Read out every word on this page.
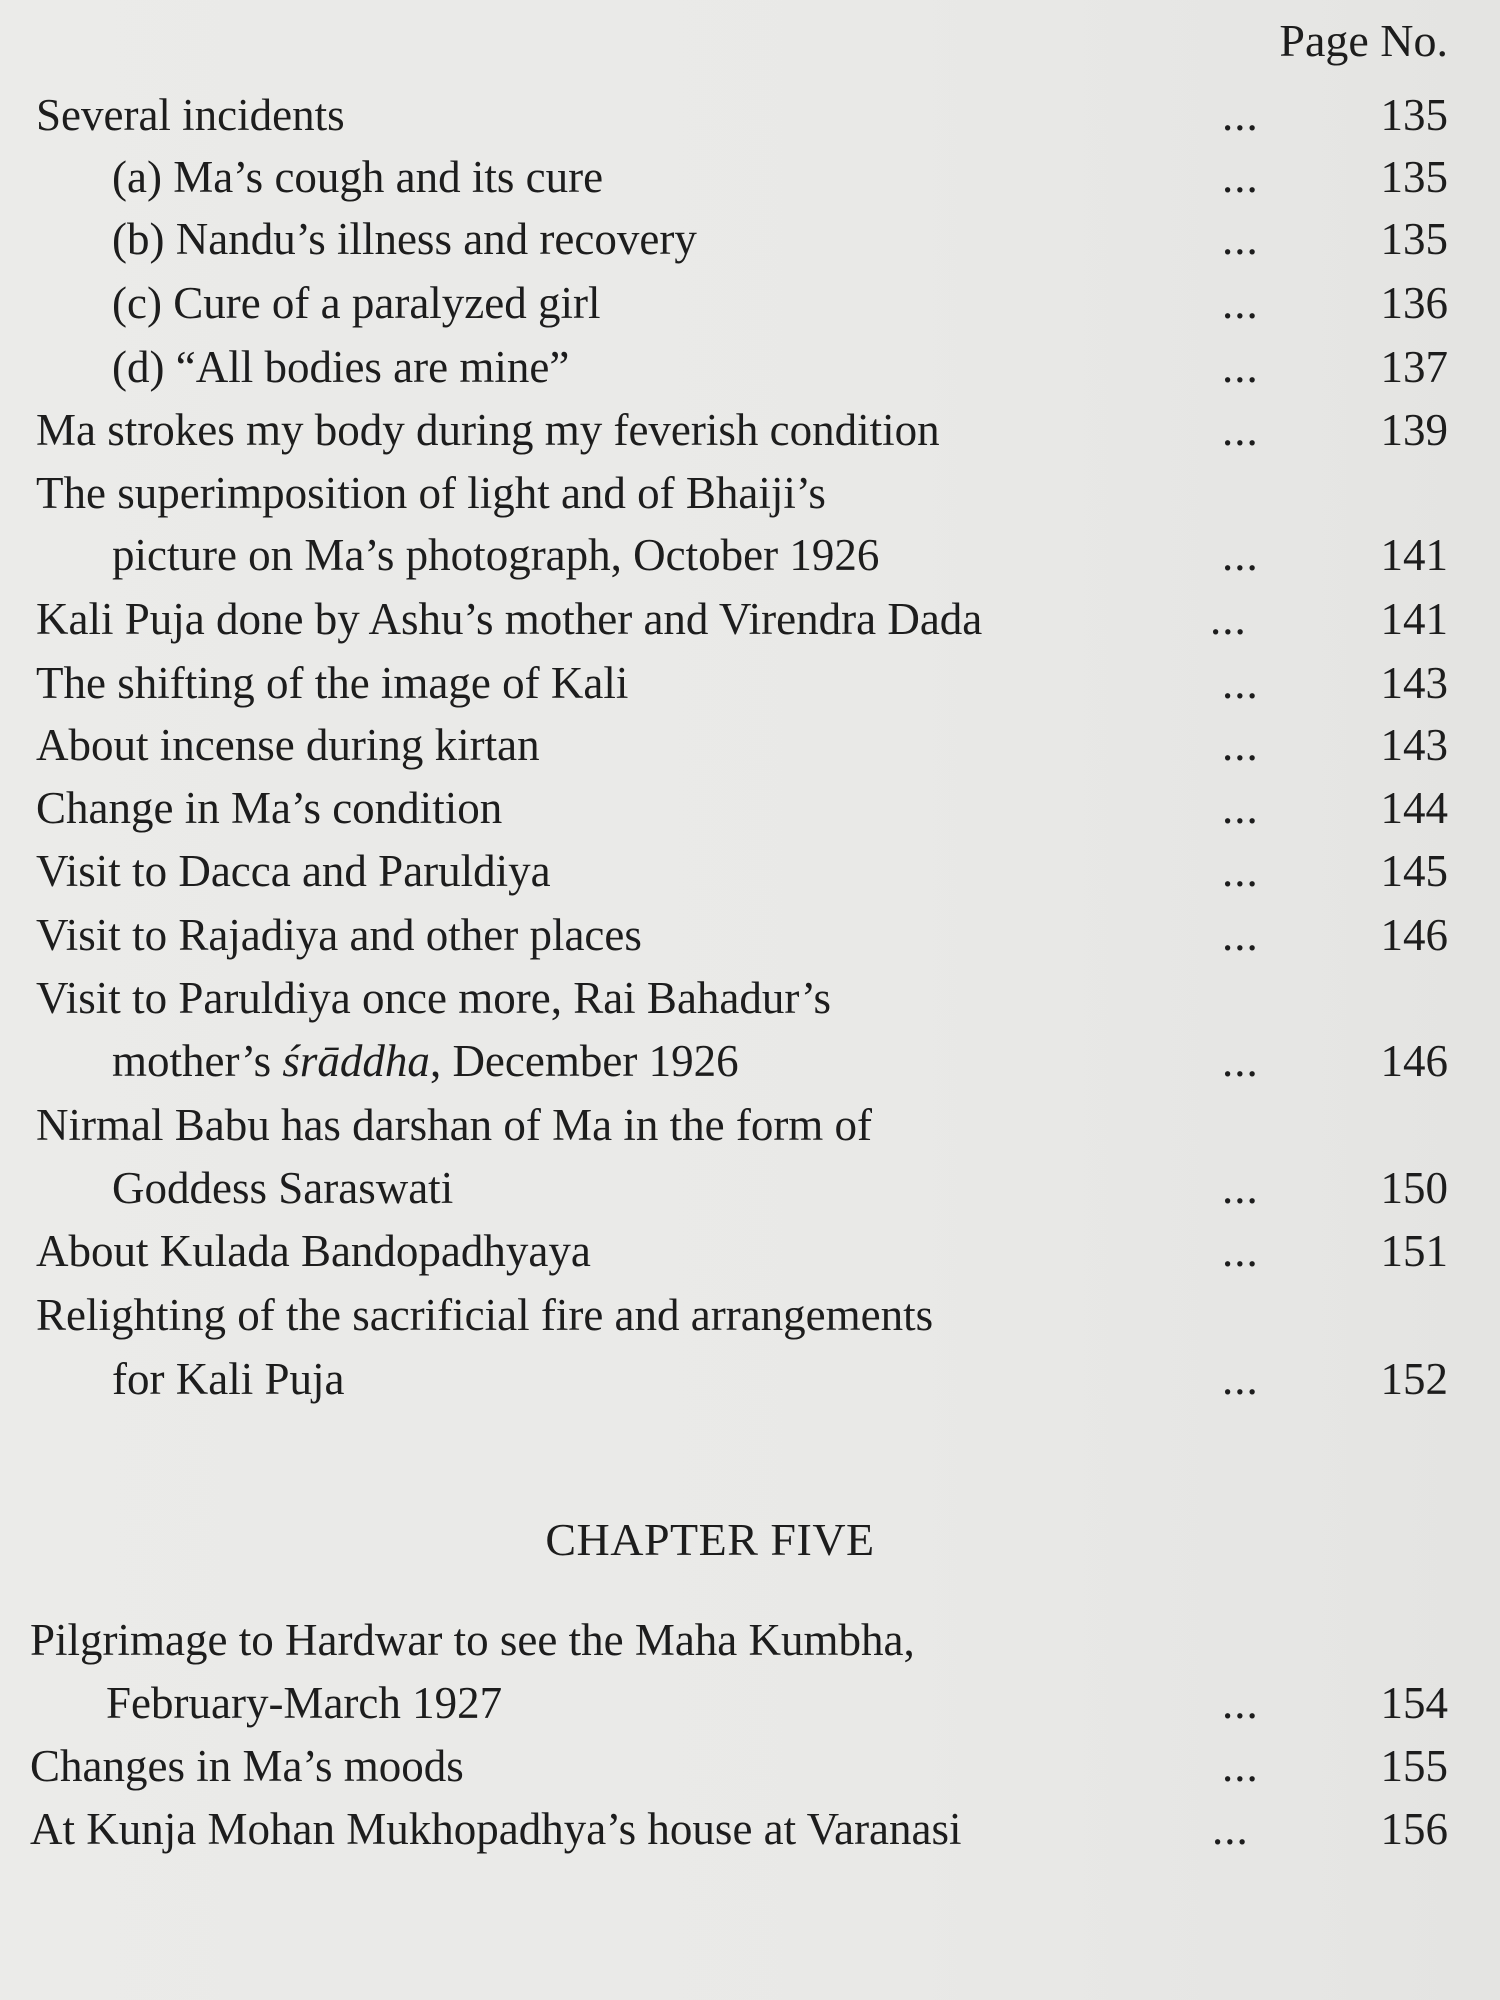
Page No.
Several incidents	...	135
(a) Ma’s cough and its cure	...	135
(b) Nandu’s illness and recovery	...	135
(c) Cure of a paralyzed girl	...	136
(d) “All bodies are mine”	...	137
Ma strokes my body during my feverish condition	...	139
The superimposition of light and of Bhaiji’s
picture on Ma’s photograph, October 1926	...	141
Kali Puja done by Ashu’s mother and Virendra Dada	...	141
The shifting of the image of Kali	...	143
About incense during kirtan	...	143
Change in Ma’s condition	...	144
Visit to Dacca and Paruldiya	...	145
Visit to Rajadiya and other places	...	146
Visit to Paruldiya once more, Rai Bahadur’s
mother’s śrāddha, December 1926	...	146
Nirmal Babu has darshan of Ma in the form of
Goddess Saraswati	...	150
About Kulada Bandopadhyaya	...	151
Relighting of the sacrificial fire and arrangements
for Kali Puja	...	152
CHAPTER FIVE
Pilgrimage to Hardwar to see the Maha Kumbha,
February-March 1927	...	154
Changes in Ma’s moods	...	155
At Kunja Mohan Mukhopadhya’s house at Varanasi	...	156
